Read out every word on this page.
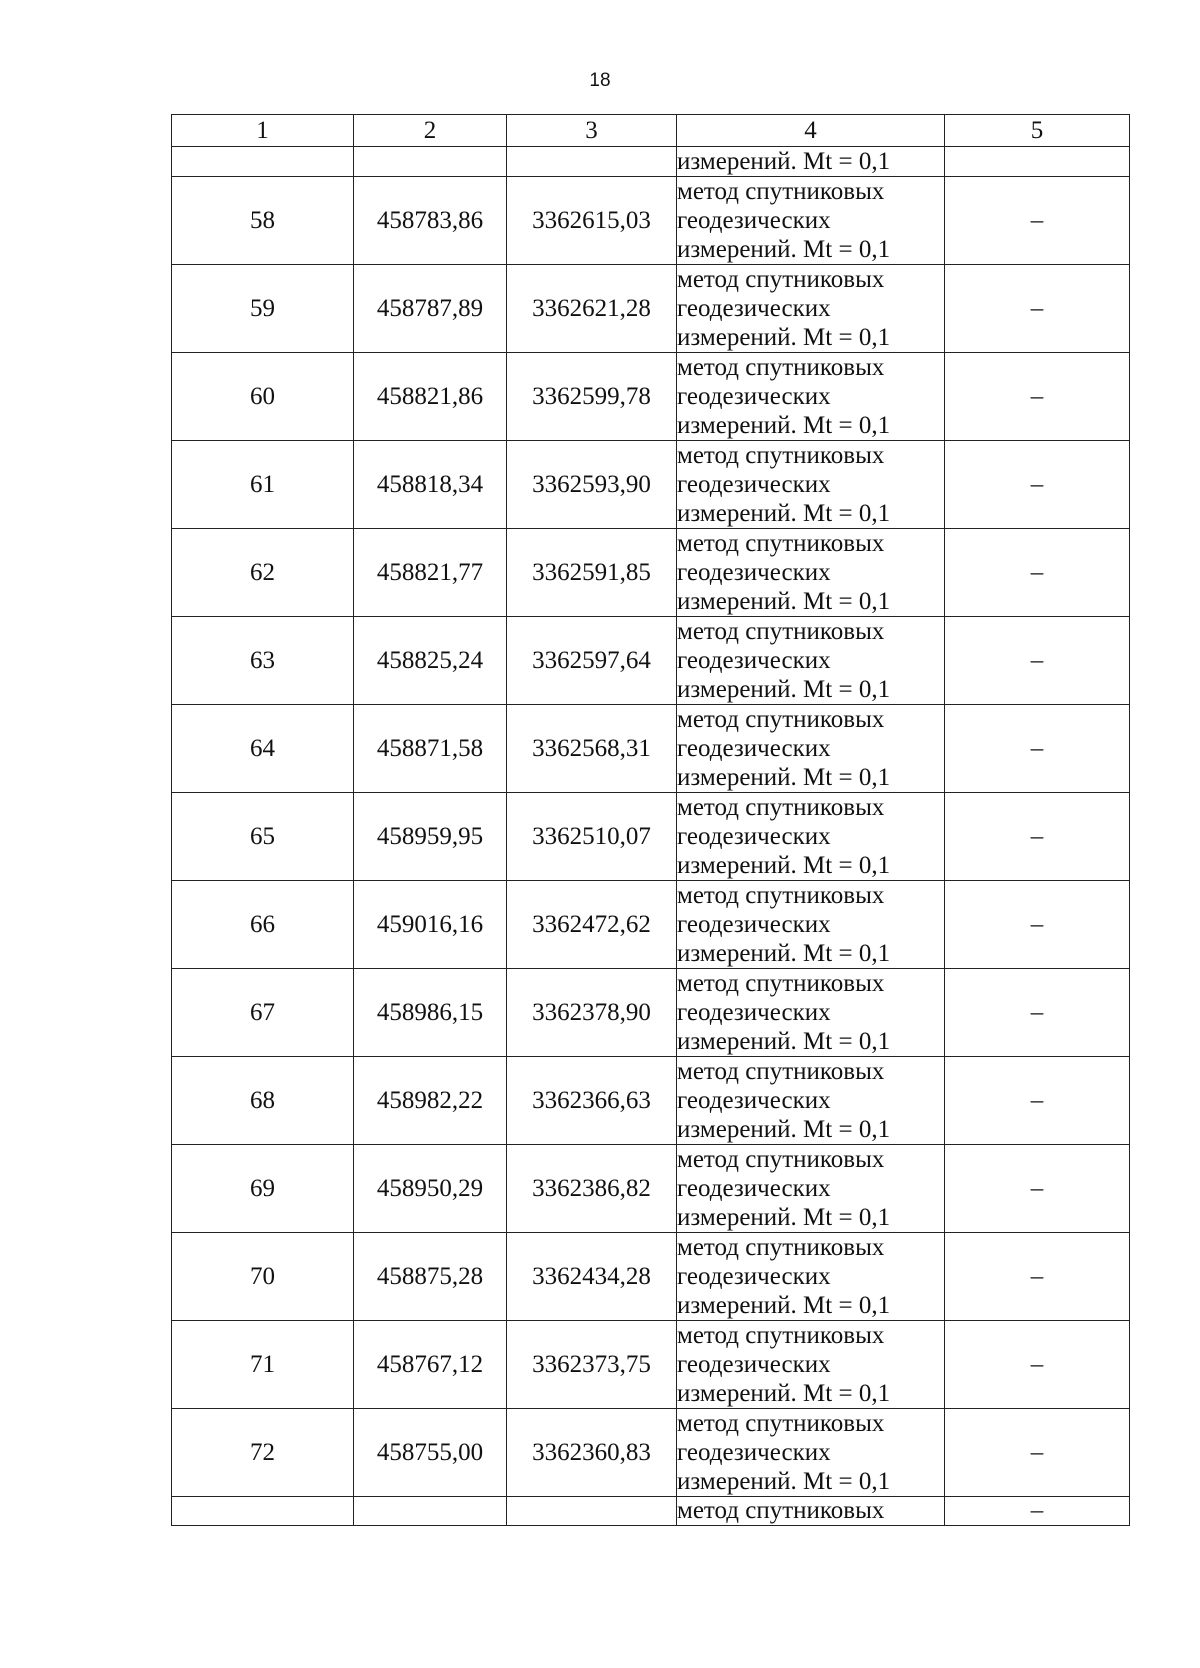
18
1	2	3	4	5
			измерений. Mt = 0,1	
58	458783,86	3362615,03	метод спутниковых
геодезических
измерений. Mt = 0,1	–
59	458787,89	3362621,28	метод спутниковых
геодезических
измерений. Mt = 0,1	–
60	458821,86	3362599,78	метод спутниковых
геодезических
измерений. Mt = 0,1	–
61	458818,34	3362593,90	метод спутниковых
геодезических
измерений. Mt = 0,1	–
62	458821,77	3362591,85	метод спутниковых
геодезических
измерений. Mt = 0,1	–
63	458825,24	3362597,64	метод спутниковых
геодезических
измерений. Mt = 0,1	–
64	458871,58	3362568,31	метод спутниковых
геодезических
измерений. Mt = 0,1	–
65	458959,95	3362510,07	метод спутниковых
геодезических
измерений. Mt = 0,1	–
66	459016,16	3362472,62	метод спутниковых
геодезических
измерений. Mt = 0,1	–
67	458986,15	3362378,90	метод спутниковых
геодезических
измерений. Mt = 0,1	–
68	458982,22	3362366,63	метод спутниковых
геодезических
измерений. Mt = 0,1	–
69	458950,29	3362386,82	метод спутниковых
геодезических
измерений. Mt = 0,1	–
70	458875,28	3362434,28	метод спутниковых
геодезических
измерений. Mt = 0,1	–
71	458767,12	3362373,75	метод спутниковых
геодезических
измерений. Mt = 0,1	–
72	458755,00	3362360,83	метод спутниковых
геодезических
измерений. Mt = 0,1	–
			метод спутниковых	–
